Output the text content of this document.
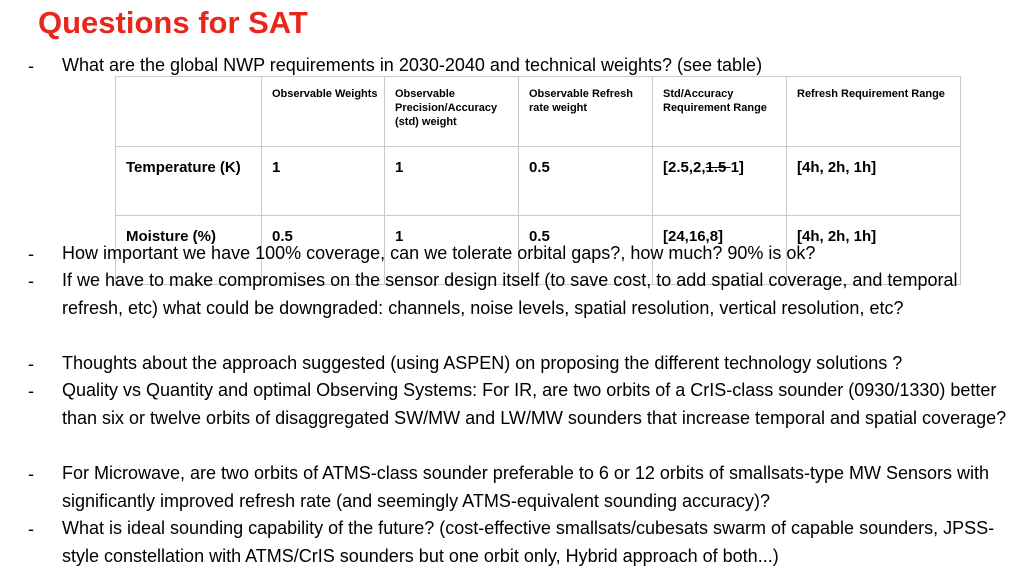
Questions for SAT
- What are the global NWP requirements in 2030-2040 and technical weights? (see table)
	Observable Weights	Observable Precision/Accuracy (std) weight	Observable Refresh rate weight	Std/Accuracy Requirement Range	Refresh Requirement Range
Temperature (K)	1	1	0.5	[2.5,2,1.5 1]	[4h, 2h, 1h]
Moisture (%)	0.5	1	0.5	[24,16,8]	[4h, 2h, 1h]
- How important we have 100% coverage, can we tolerate orbital gaps?, how much? 90% is ok?
- If we have to make compromises on the sensor design itself (to save cost, to add spatial coverage, and temporal refresh, etc) what could be downgraded: channels, noise levels, spatial resolution, vertical resolution, etc?
- Thoughts about the approach suggested (using ASPEN) on proposing the different technology solutions ?
- Quality vs Quantity and optimal Observing Systems: For IR, are two orbits of a CrIS-class sounder (0930/1330) better than six or twelve orbits of disaggregated SW/MW and LW/MW sounders that increase temporal and spatial coverage?
- For Microwave, are two orbits of ATMS-class sounder preferable to 6 or 12 orbits of smallsats-type MW Sensors with significantly improved refresh rate (and seemingly ATMS-equivalent sounding accuracy)?
- What is ideal sounding capability of the future? (cost-effective smallsats/cubesats swarm of capable sounders, JPSS-style constellation with ATMS/CrIS sounders but one orbit only, Hybrid approach of both...)
